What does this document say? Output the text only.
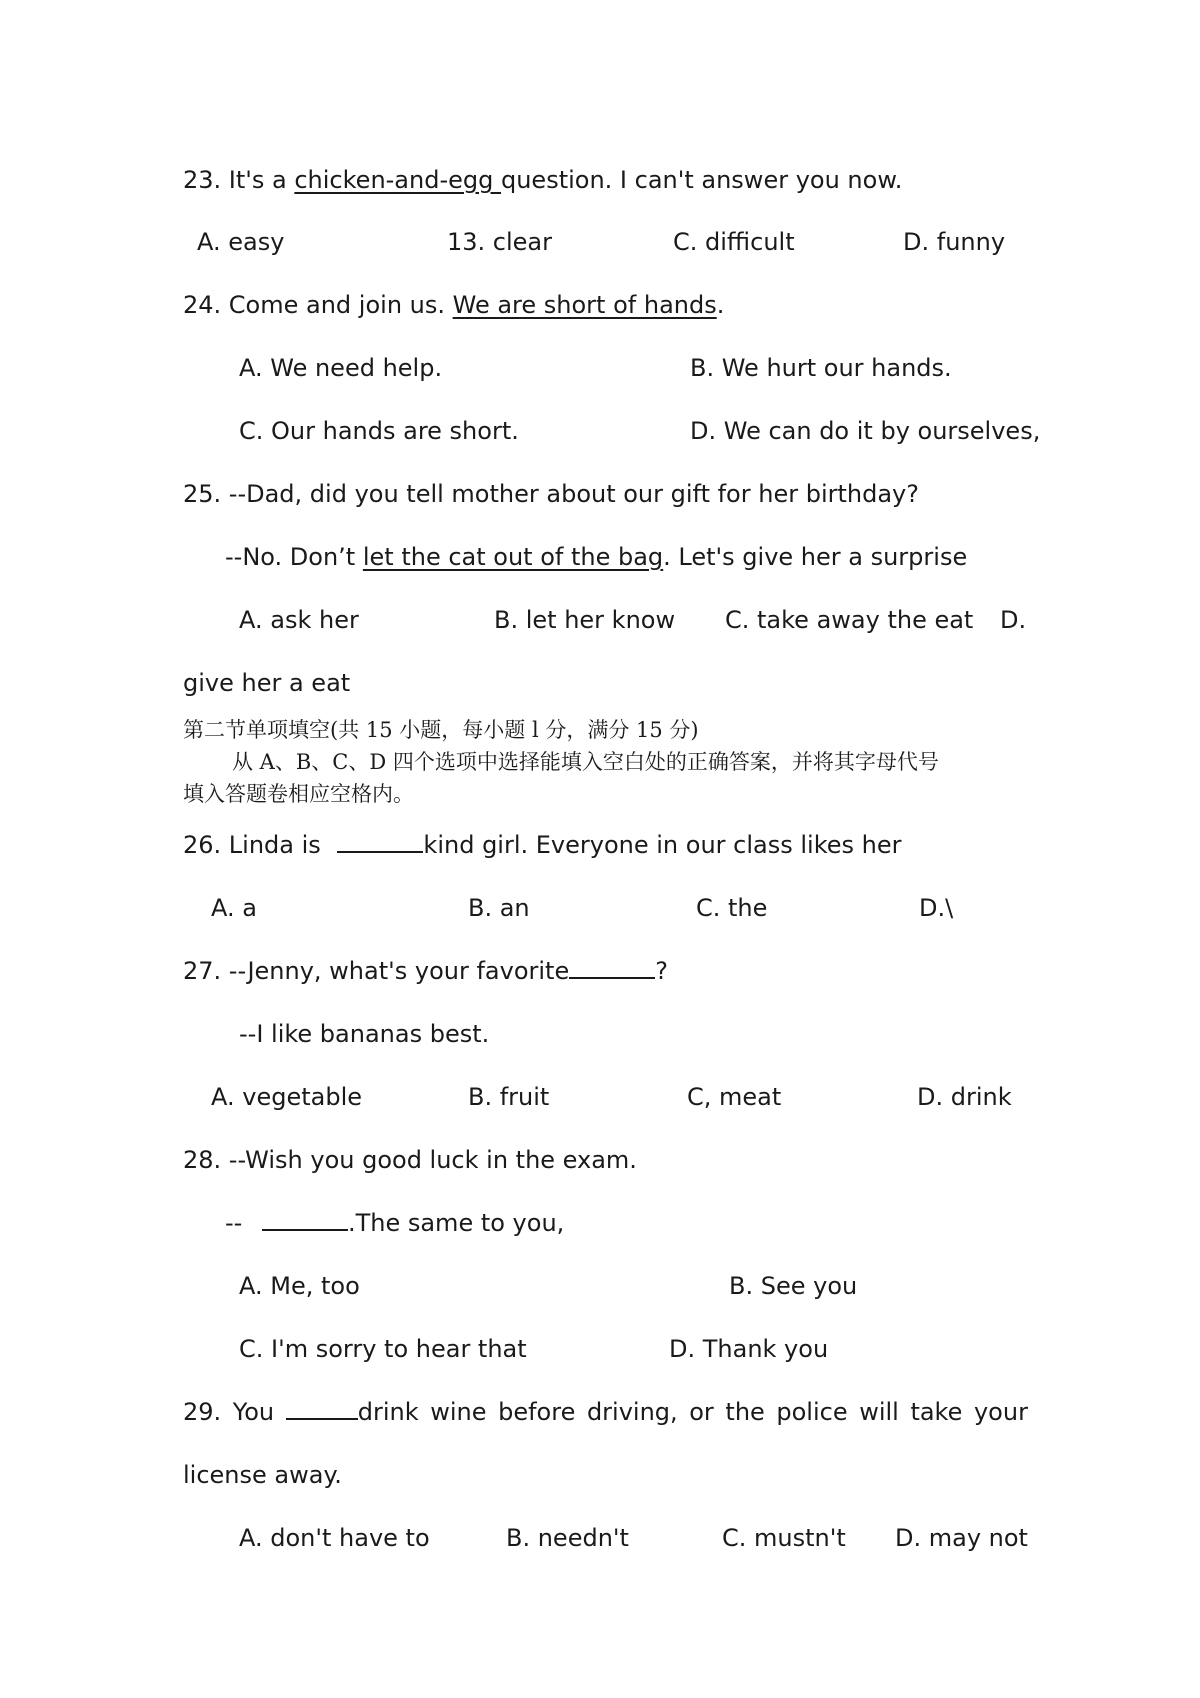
23. It's a chicken-and-egg question. I can't answer you now.
A. easy	13. clear	C. difficult	D. funny
24. Come and join us. We are short of hands.
A. We need help.	B. We hurt our hands.
C. Our hands are short.	D. We can do it by ourselves,
25. --Dad, did you tell mother about our gift for her birthday?
--No. Don’t let the cat out of the bag. Let's give her a surprise
A. ask her	B. let her know C. take away the eat D.
give her a eat
第二节单项填空(共 15 小题，每小题 l 分，满分 15 分)
从 A、B、C、D 四个选项中选择能填入空白处的正确答案，并将其字母代号
填入答题卷相应空格内。
26. Linda is	kind girl. Everyone in our class likes her
A. a	B. an	C. the	D.\
27. --Jenny, what's your favorite	?
--I like bananas best.
A. vegetable	B. fruit	C, meat	D. drink
28. --Wish you good luck in the exam.
--	.The same to you,
A. Me, too	B. See you
C. I'm sorry to hear that	D. Thank you
29. You	drink wine before driving, or the police will take your
license away.
A. don't have to	B. needn't	C. mustn't D. may not
